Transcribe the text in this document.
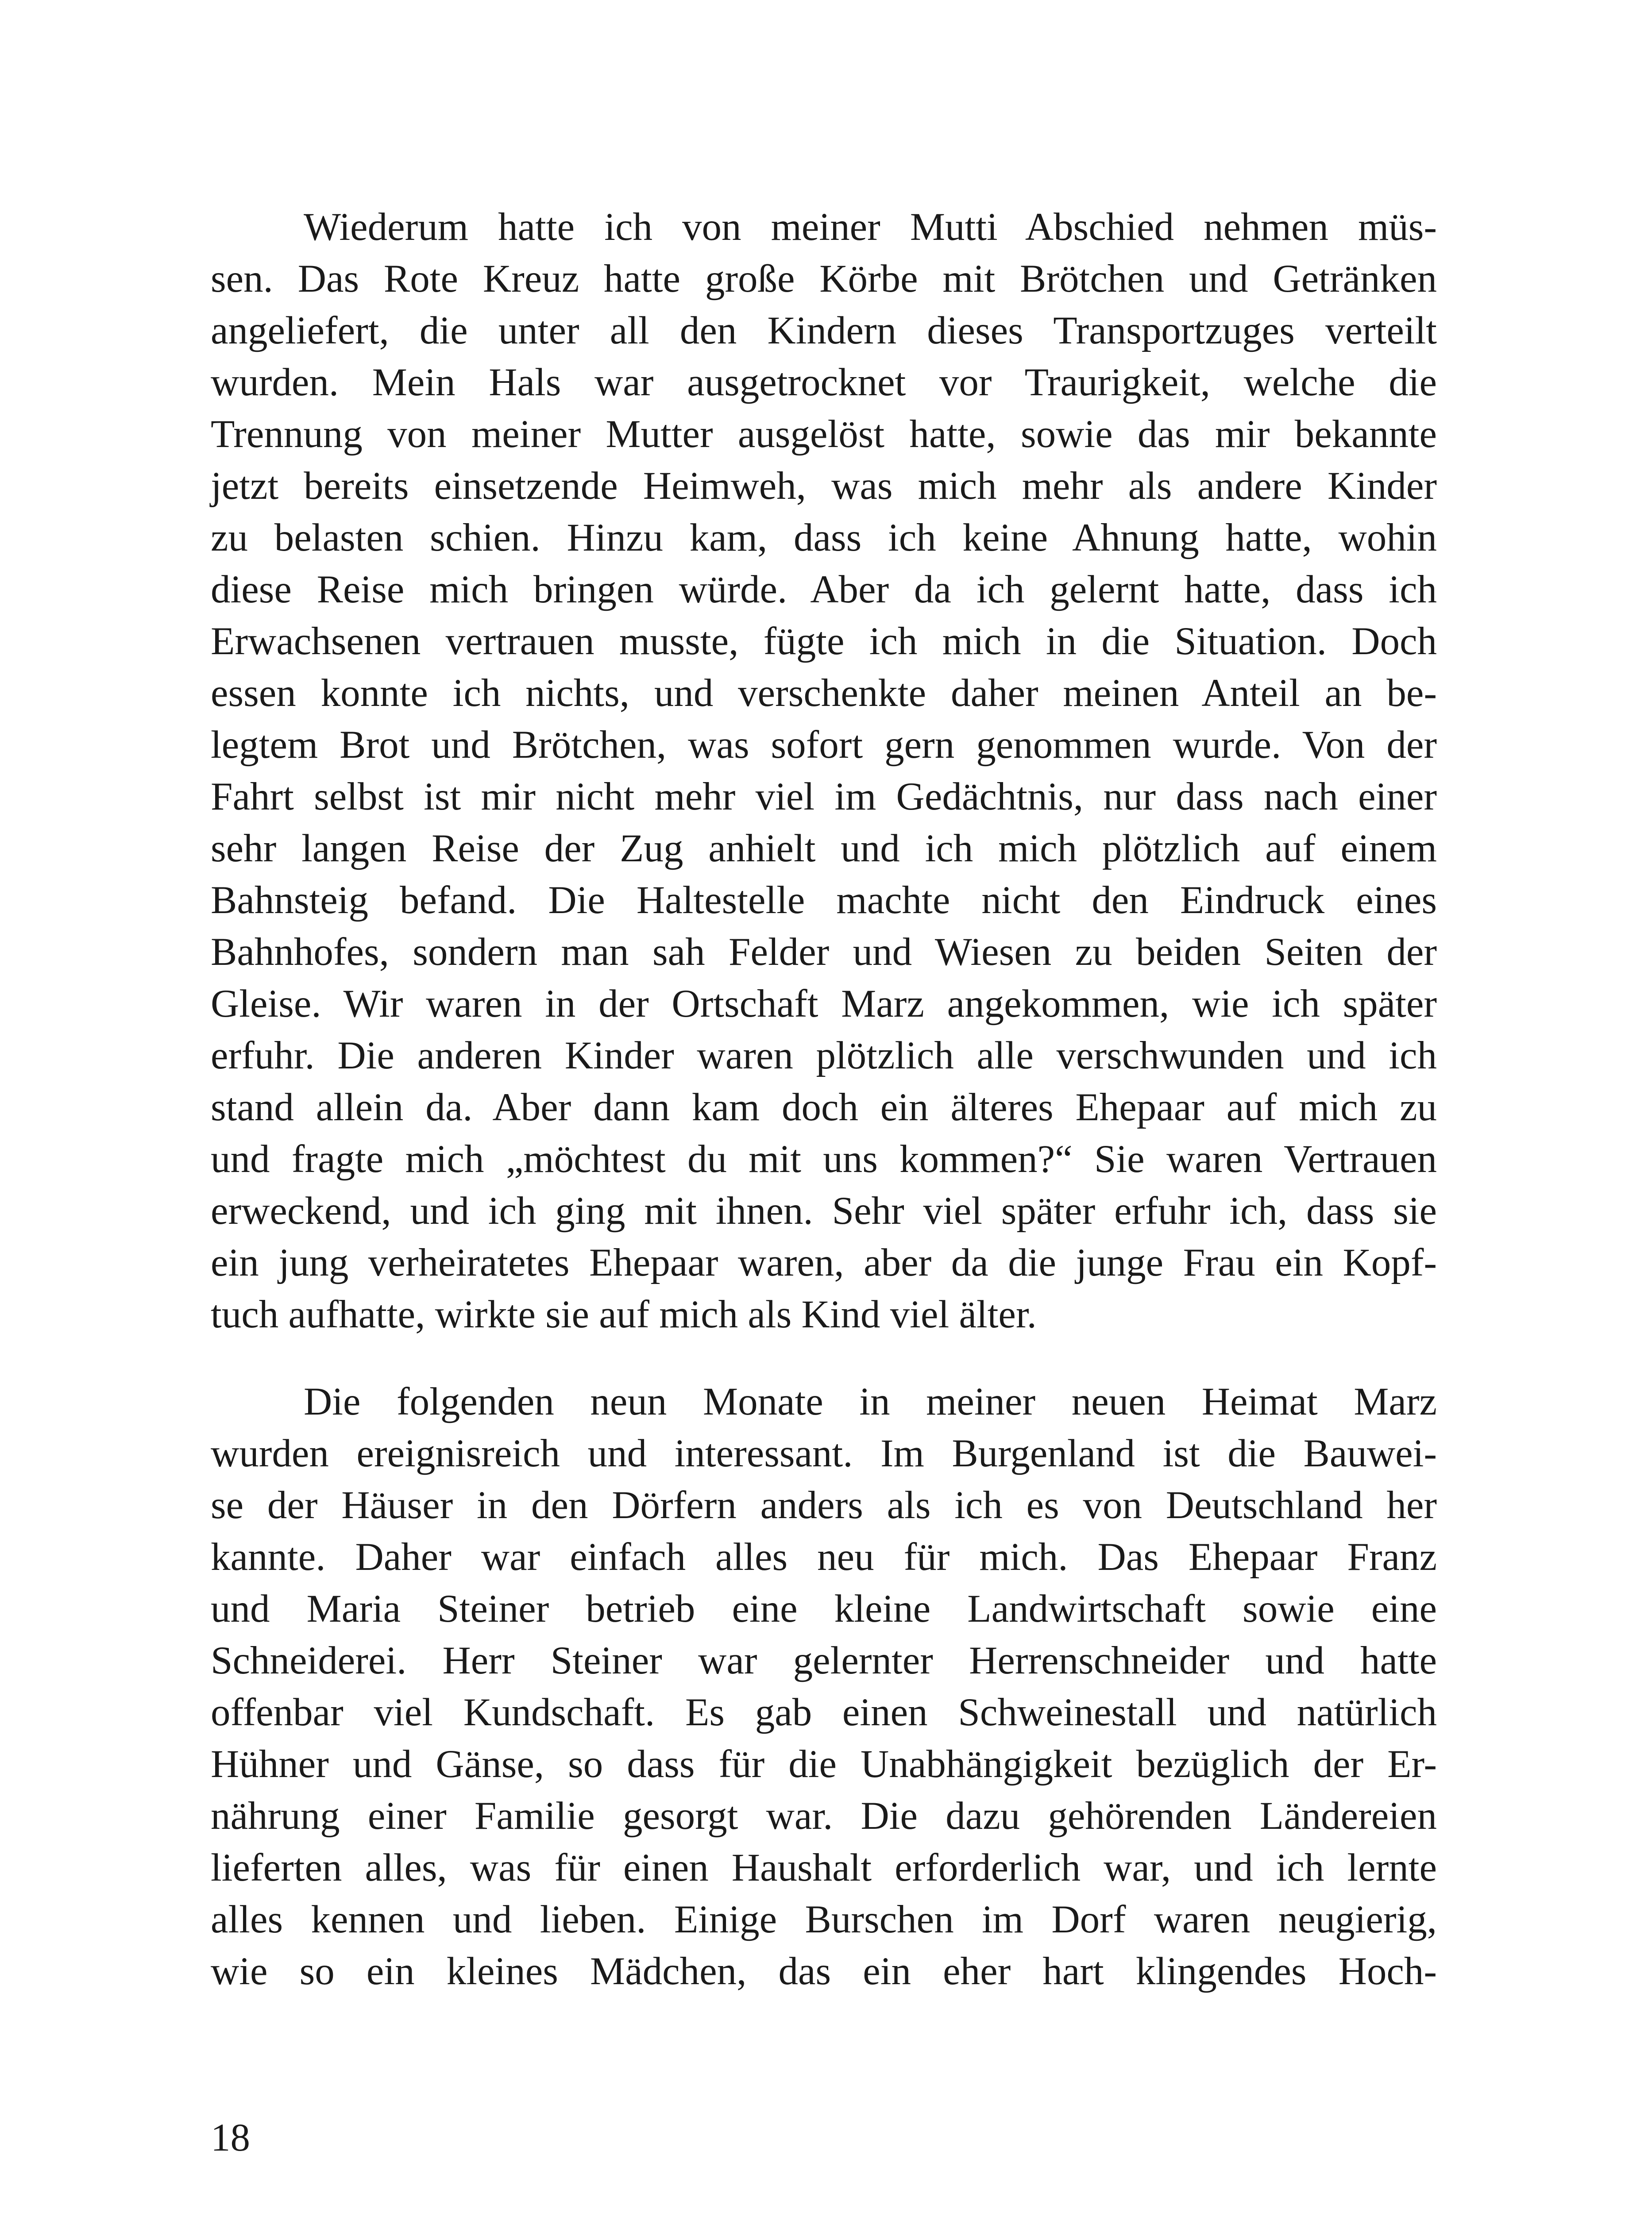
Wiederum hatte ich von meiner Mutti Abschied nehmen müs-
sen. Das Rote Kreuz hatte große Körbe mit Brötchen und Getränken
angeliefert, die unter all den Kindern dieses Transportzuges verteilt
wurden. Mein Hals war ausgetrocknet vor Traurigkeit, welche die
Trennung von meiner Mutter ausgelöst hatte, sowie das mir bekannte
jetzt bereits einsetzende Heimweh, was mich mehr als andere Kinder
zu belasten schien. Hinzu kam, dass ich keine Ahnung hatte, wohin
diese Reise mich bringen würde. Aber da ich gelernt hatte, dass ich
Erwachsenen vertrauen musste, fügte ich mich in die Situation. Doch
essen konnte ich nichts, und verschenkte daher meinen Anteil an be-
legtem Brot und Brötchen, was sofort gern genommen wurde. Von der
Fahrt selbst ist mir nicht mehr viel im Gedächtnis, nur dass nach einer
sehr langen Reise der Zug anhielt und ich mich plötzlich auf einem
Bahnsteig befand. Die Haltestelle machte nicht den Eindruck eines
Bahnhofes, sondern man sah Felder und Wiesen zu beiden Seiten der
Gleise. Wir waren in der Ortschaft Marz angekommen, wie ich später
erfuhr. Die anderen Kinder waren plötzlich alle verschwunden und ich
stand allein da. Aber dann kam doch ein älteres Ehepaar auf mich zu
und fragte mich „möchtest du mit uns kommen?“ Sie waren Vertrauen
erweckend, und ich ging mit ihnen. Sehr viel später erfuhr ich, dass sie
ein jung verheiratetes Ehepaar waren, aber da die junge Frau ein Kopf-
tuch aufhatte, wirkte sie auf mich als Kind viel älter.
Die folgenden neun Monate in meiner neuen Heimat Marz
wurden ereignisreich und interessant. Im Burgenland ist die Bauwei-
se der Häuser in den Dörfern anders als ich es von Deutschland her
kannte. Daher war einfach alles neu für mich. Das Ehepaar Franz
und Maria Steiner betrieb eine kleine Landwirtschaft sowie eine
Schneiderei. Herr Steiner war gelernter Herrenschneider und hatte
offenbar viel Kundschaft. Es gab einen Schweinestall und natürlich
Hühner und Gänse, so dass für die Unabhängigkeit bezüglich der Er-
nährung einer Familie gesorgt war. Die dazu gehörenden Ländereien
lieferten alles, was für einen Haushalt erforderlich war, und ich lernte
alles kennen und lieben. Einige Burschen im Dorf waren neugierig,
wie so ein kleines Mädchen, das ein eher hart klingendes Hoch-
18
